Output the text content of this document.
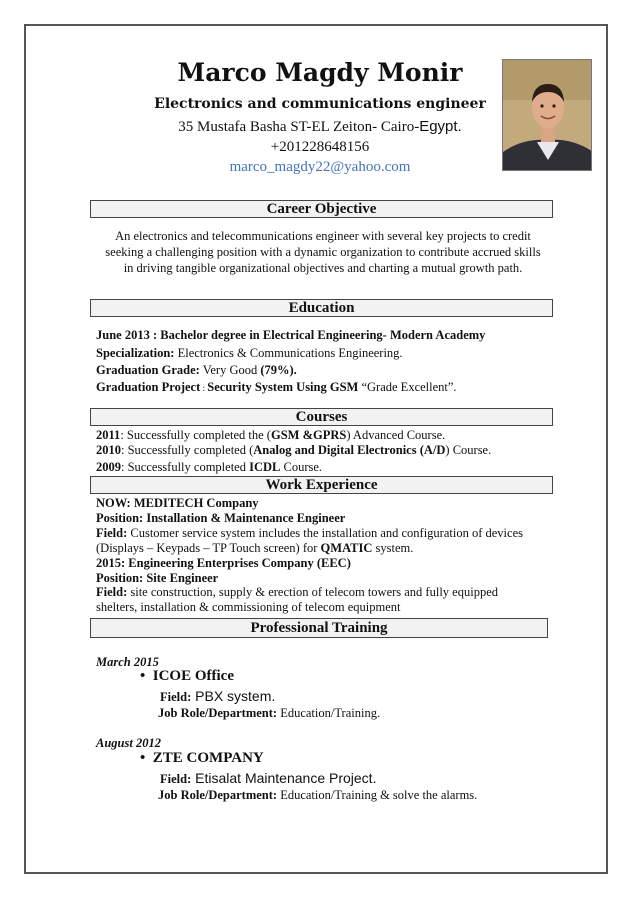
Marco Magdy Monir
Electronics and communications engineer
35 Mustafa Basha ST-EL Zeiton- Cairo-Egypt.
+201228648156
marco_magdy22@yahoo.com
Career Objective
An electronics and telecommunications engineer with several key projects to credit
seeking a challenging position with a dynamic organization to contribute accrued skills
in driving tangible organizational objectives and charting a mutual growth path.
Education
June 2013 : Bachelor degree in Electrical Engineering- Modern Academy
Specialization: Electronics & Communications Engineering.
Graduation Grade: Very Good (79%).
Graduation Project : Security System Using GSM “Grade Excellent”.
Courses
2011: Successfully completed the (GSM &GPRS) Advanced Course.
2010: Successfully completed (Analog and Digital Electronics (A/D) Course.
2009: Successfully completed ICDL Course.
Work Experience
NOW: MEDITECH Company
Position: Installation & Maintenance Engineer
Field: Customer service system includes the installation and configuration of devices
(Displays – Keypads – TP Touch screen) for QMATIC system.
2015: Engineering Enterprises Company (EEC)
Position: Site Engineer
Field: site construction, supply & erection of telecom towers and fully equipped
shelters, installation & commissioning of telecom equipment
Professional Training
March 2015
•  ICOE Office
Field: PBX system.
Job Role/Department: Education/Training.
August 2012
•  ZTE COMPANY
Field: Etisalat Maintenance Project.
Job Role/Department: Education/Training & solve the alarms.
